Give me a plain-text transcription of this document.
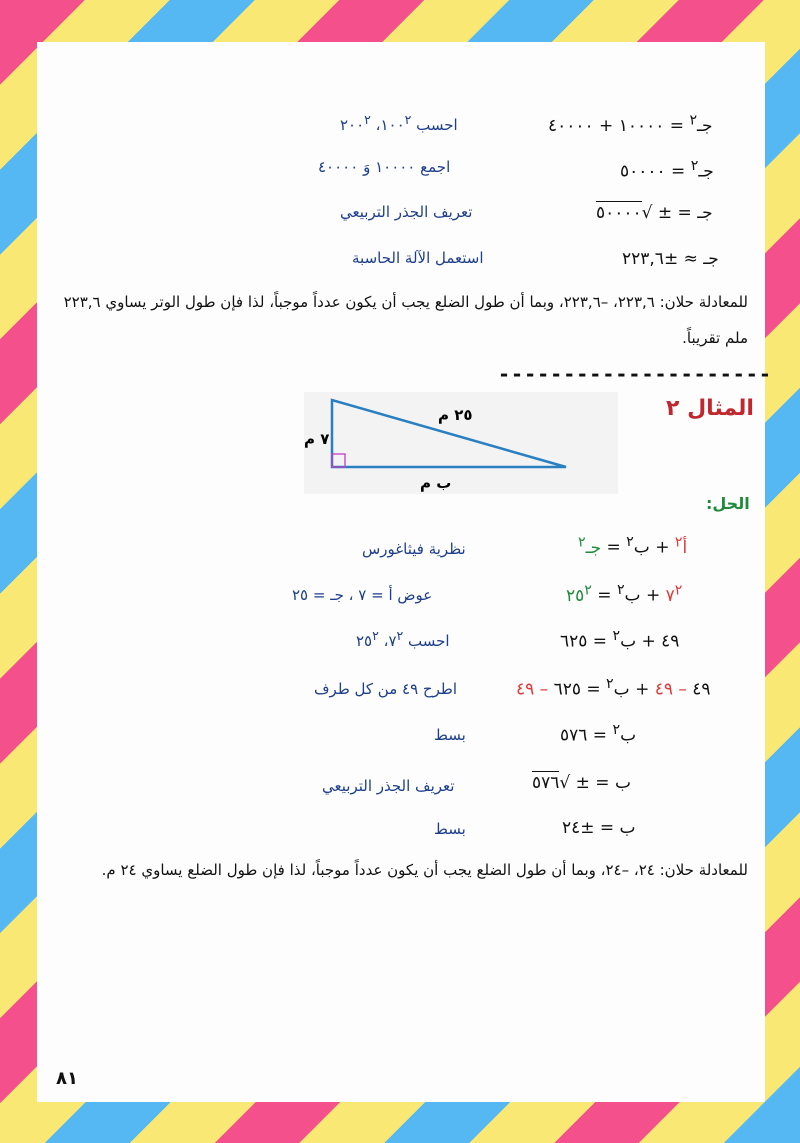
جـ$^٢$ = ١٠٠٠٠ + ٤٠٠٠٠
احسب $١٠٠^٢،$ $٢٠٠^٢$
جـ$^٢$ = ٥٠٠٠٠
اجمع ١٠٠٠٠ وَ ٤٠٠٠٠
جـ = ± √٥٠٠٠٠
تعريف الجذر التربيعي
جـ ≈ ±٢٢٣,٦
استعمل الآلة الحاسبة
للمعادلة حلان: ٢٢٣,٦، –٢٢٣,٦، وبما أن طول الضلع يجب أن يكون عدداً موجباً، لذا فإن طول الوتر يساوي ٢٢٣,٦ ملم تقريباً.
---------------------
المثال ٢
٢٥ م
٧ م
ب م
الحل:
أ$^٢$ + ب$^٢$ = جـ$^٢$
نظرية فيثاغورس
$٧^٢$ + ب$^٢$ = $٢٥^٢$
عوض أ = ٧ ، جـ = ٢٥
٤٩ + ب$^٢$ = ٦٢٥
احسب $٧^٢،$ $٢٥^٢$
٤٩ – ٤٩ + ب$^٢$ = ٦٢٥ – ٤٩
اطرح ٤٩ من كل طرف
ب$^٢$ = ٥٧٦
بسط
ب = ± √٥٧٦
تعريف الجذر التربيعي
ب = ±٢٤
بسط
للمعادلة حلان: ٢٤، –٢٤، وبما أن طول الضلع يجب أن يكون عدداً موجباً، لذا فإن طول الضلع يساوي ٢٤ م.
٨١
